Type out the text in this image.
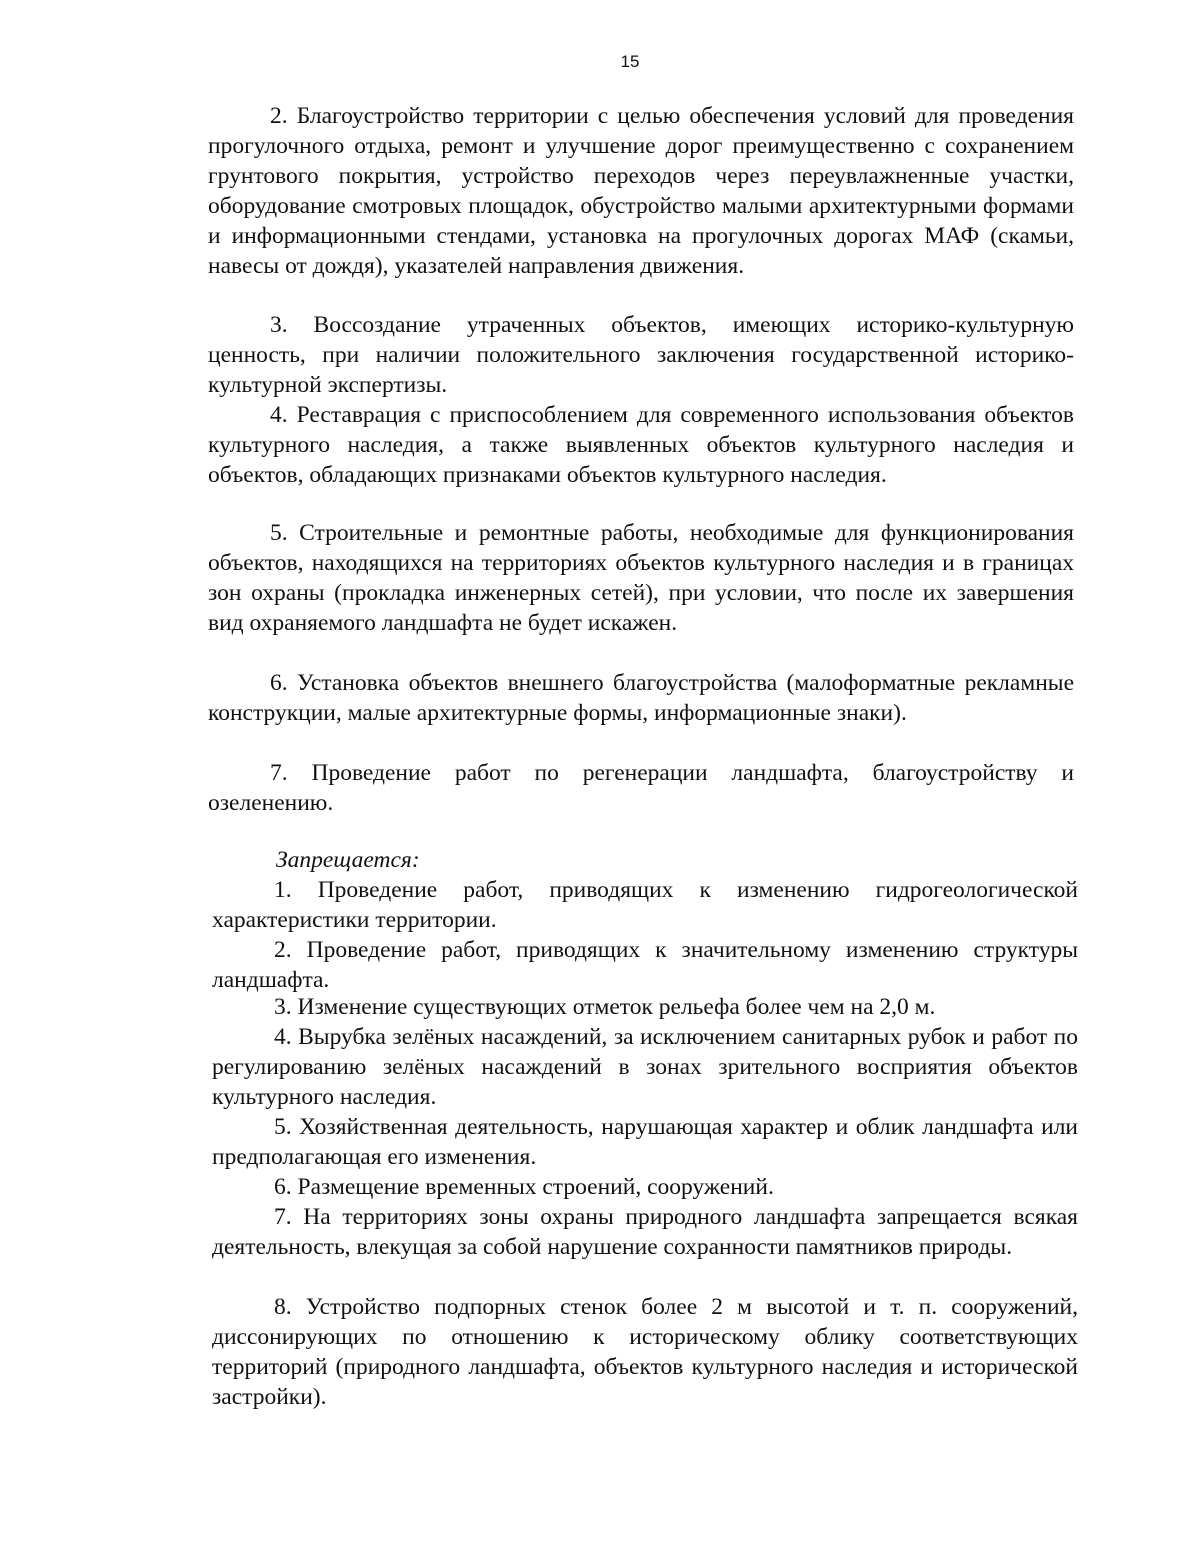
15

2. Благоустройство территории с целью обеспечения условий для проведения прогулочного отдыха, ремонт и улучшение дорог преимущественно с сохранением грунтового покрытия, устройство переходов через переувлажненные участки, оборудование смотровых площадок, обустройство малыми архитектурными формами и информационными стендами, установка на прогулочных дорогах МАФ (скамьи, навесы от дождя), указателей направления движения.

3. Воссоздание утраченных объектов, имеющих историко-культурную ценность, при наличии положительного заключения государственной историко-культурной экспертизы.

4. Реставрация с приспособлением для современного использования объектов культурного наследия, а также выявленных объектов культурного наследия и объектов, обладающих признаками объектов культурного наследия.

5. Строительные и ремонтные работы, необходимые для функционирования объектов, находящихся на территориях объектов культурного наследия и в границах зон охраны (прокладка инженерных сетей), при условии, что после их завершения вид охраняемого ландшафта не будет искажен.

6. Установка объектов внешнего благоустройства (малоформатные рекламные конструкции, малые архитектурные формы, информационные знаки).

7. Проведение работ по регенерации ландшафта, благоустройству и озеленению.

Запрещается:

1. Проведение работ, приводящих к изменению гидрогеологической характеристики территории.

2. Проведение работ, приводящих к значительному изменению структуры ландшафта.

3. Изменение существующих отметок рельефа более чем на 2,0 м.

4. Вырубка зелёных насаждений, за исключением санитарных рубок и работ по регулированию зелёных насаждений в зонах зрительного восприятия объектов культурного наследия.

5. Хозяйственная деятельность, нарушающая характер и облик ландшафта или предполагающая его изменения.

6. Размещение временных строений, сооружений.

7. На территориях зоны охраны природного ландшафта запрещается всякая деятельность, влекущая за собой нарушение сохранности памятников природы.

8. Устройство подпорных стенок более 2 м высотой и т. п. сооружений, диссонирующих по отношению к историческому облику соответствующих территорий (природного ландшафта, объектов культурного наследия и исторической застройки).
